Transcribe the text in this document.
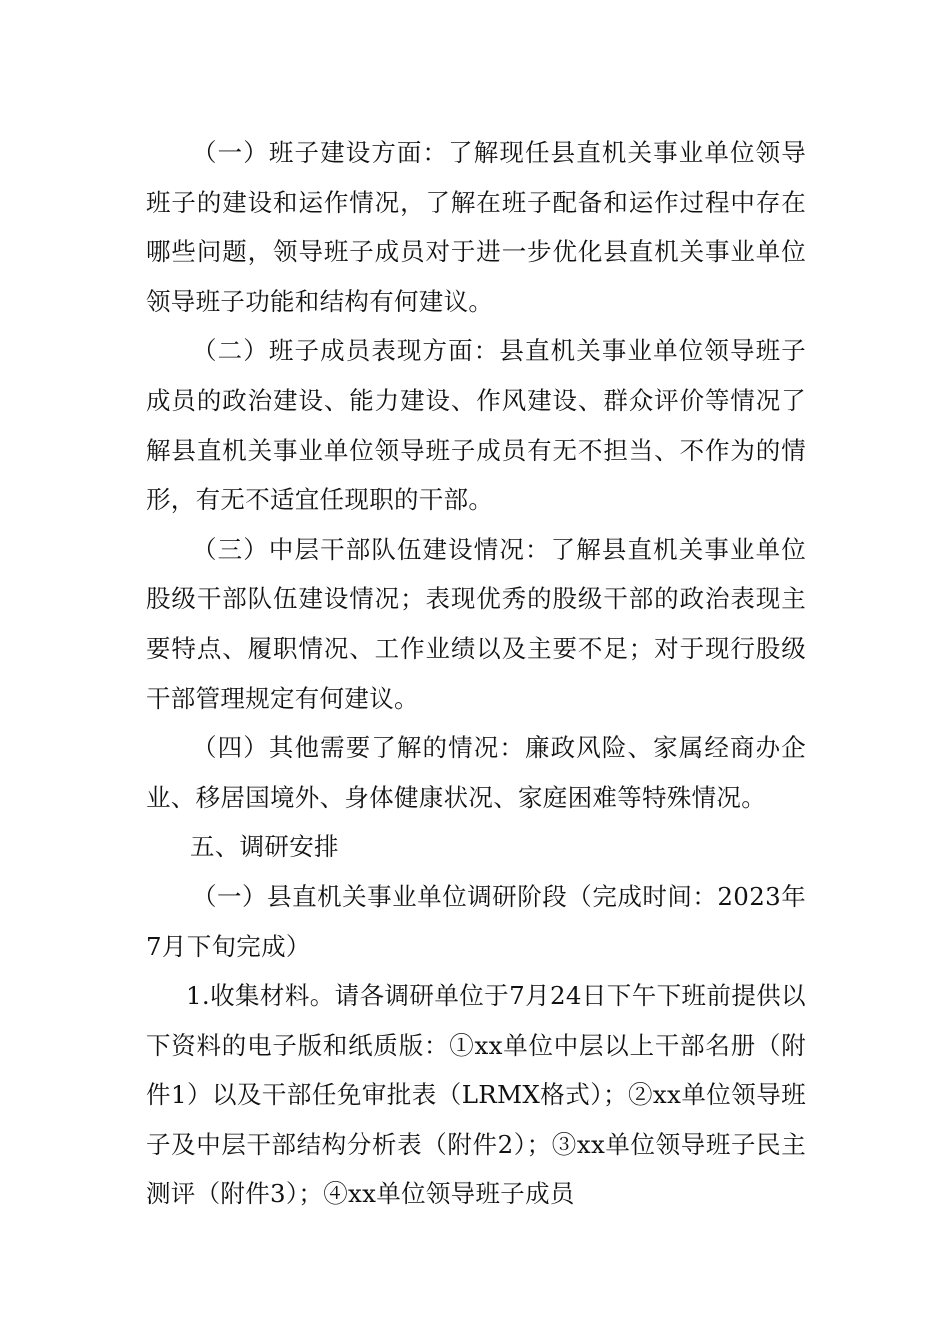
（一）班子建设方面：了解现任县直机关事业单位领导班子的建设和运作情况，了解在班子配备和运作过程中存在哪些问题，领导班子成员对于进一步优化县直机关事业单位领导班子功能和结构有何建议。

（二）班子成员表现方面：县直机关事业单位领导班子成员的政治建设、能力建设、作风建设、群众评价等情况了解县直机关事业单位领导班子成员有无不担当、不作为的情形，有无不适宜任现职的干部。

（三）中层干部队伍建设情况：了解县直机关事业单位股级干部队伍建设情况；表现优秀的股级干部的政治表现主要特点、履职情况、工作业绩以及主要不足；对于现行股级干部管理规定有何建议。

（四）其他需要了解的情况：廉政风险、家属经商办企业、移居国境外、身体健康状况、家庭困难等特殊情况。

五、调研安排

（一）县直机关事业单位调研阶段（完成时间：2023年7月下旬完成）

1.收集材料。请各调研单位于7月24日下午下班前提供以下资料的电子版和纸质版：①xx单位中层以上干部名册（附件1）以及干部任免审批表（LRMX格式）；②xx单位领导班子及中层干部结构分析表（附件2）；③xx单位领导班子民主测评（附件3）；④xx单位领导班子成员
